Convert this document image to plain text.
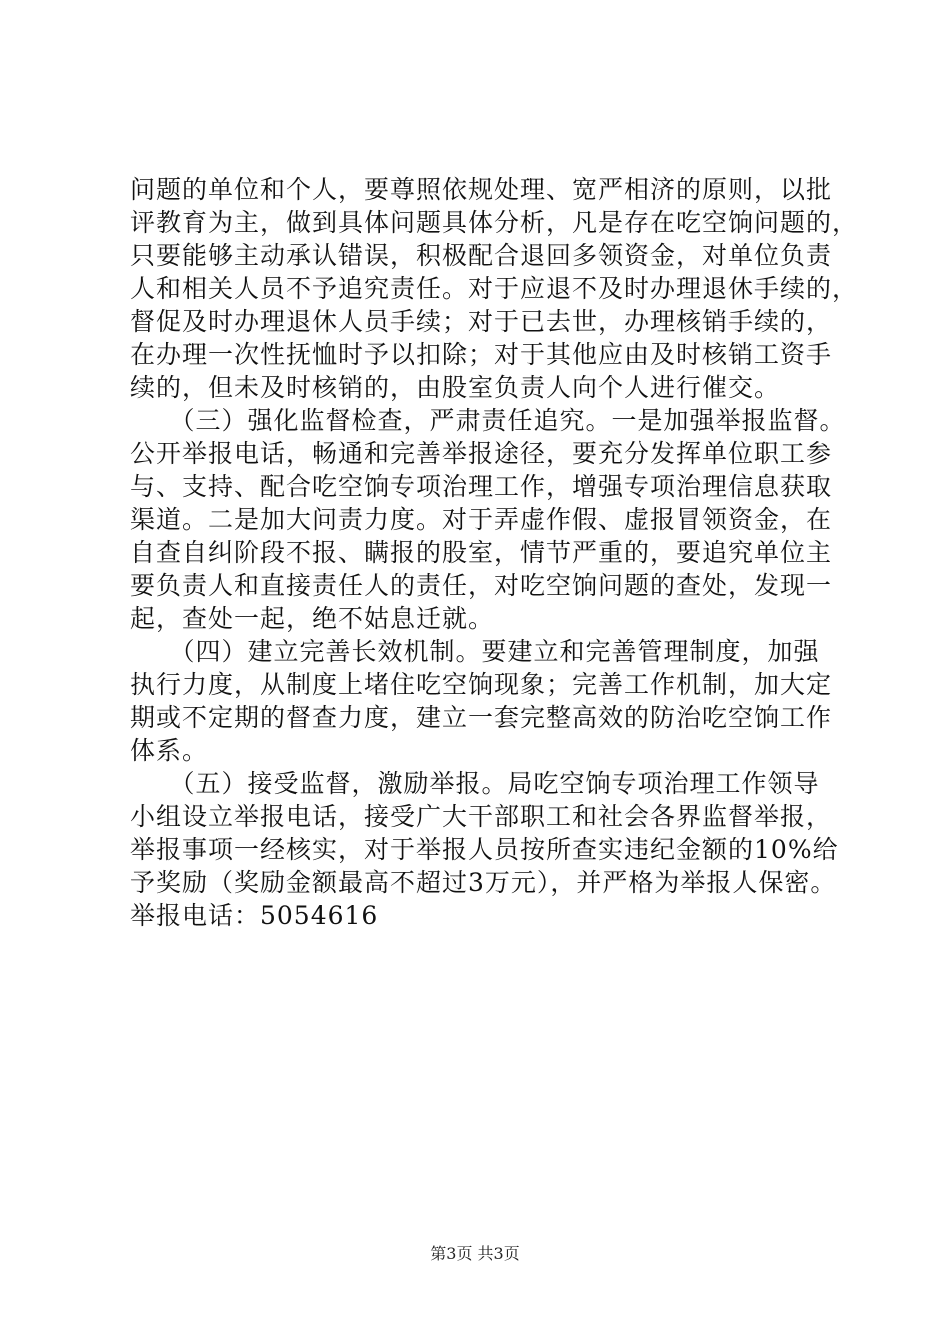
问题的单位和个人，要尊照依规处理、宽严相济的原则，以批
评教育为主，做到具体问题具体分析，凡是存在吃空饷问题的，
只要能够主动承认错误，积极配合退回多领资金，对单位负责
人和相关人员不予追究责任。对于应退不及时办理退休手续的，
督促及时办理退休人员手续；对于已去世，办理核销手续的，
在办理一次性抚恤时予以扣除；对于其他应由及时核销工资手
续的，但未及时核销的，由股室负责人向个人进行催交。
　　（三）强化监督检查，严肃责任追究。一是加强举报监督。
公开举报电话，畅通和完善举报途径，要充分发挥单位职工参
与、支持、配合吃空饷专项治理工作，增强专项治理信息获取
渠道。二是加大问责力度。对于弄虚作假、虚报冒领资金，在
自查自纠阶段不报、瞒报的股室，情节严重的，要追究单位主
要负责人和直接责任人的责任，对吃空饷问题的查处，发现一
起，查处一起，绝不姑息迁就。
　　（四）建立完善长效机制。要建立和完善管理制度，加强
执行力度，从制度上堵住吃空饷现象；完善工作机制，加大定
期或不定期的督查力度，建立一套完整高效的防治吃空饷工作
体系。
　　（五）接受监督，激励举报。局吃空饷专项治理工作领导
小组设立举报电话，接受广大干部职工和社会各界监督举报，
举报事项一经核实，对于举报人员按所查实违纪金额的10%给
予奖励（奖励金额最高不超过3万元），并严格为举报人保密。
举报电话：5054616
第3页 共3页
